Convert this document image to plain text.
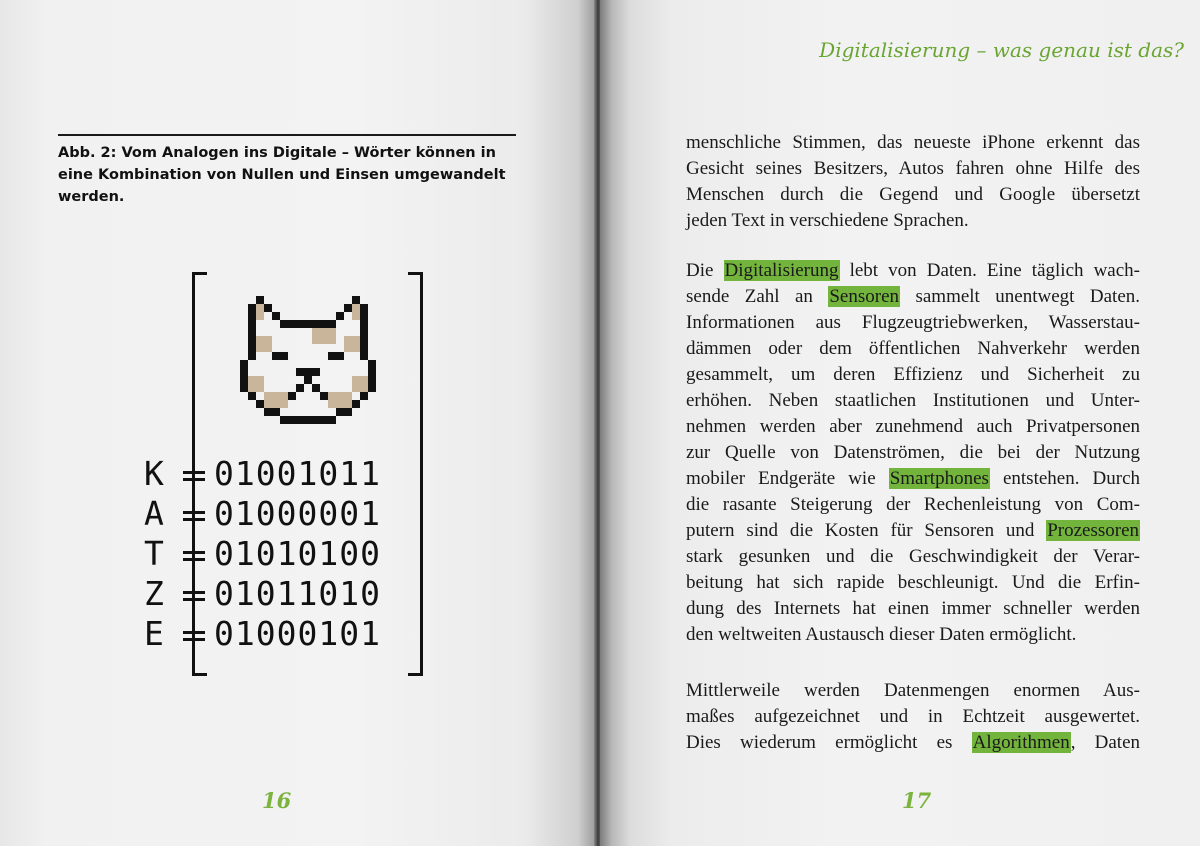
Abb. 2: Vom Analogen ins Digitale – Wörter können in eine Kombination von Nullen und Einsen umgewandelt werden.
K 01001011
A 01000001
T 01010100
Z 01011010
E 01000101
16
Digitalisierung – was genau ist das?
menschliche Stimmen, das neueste iPhone erkennt das
Gesicht seines Besitzers, Autos fahren ohne Hilfe des
Menschen durch die Gegend und Google übersetzt
jeden Text in verschiedene Sprachen.
Die Digitalisierung lebt von Daten. Eine täglich wach-
sende Zahl an Sensoren sammelt unentwegt Daten.
Informationen aus Flugzeugtriebwerken, Wasserstau-
dämmen oder dem öffentlichen Nahverkehr werden
gesammelt, um deren Effizienz und Sicherheit zu
erhöhen. Neben staatlichen Institutionen und Unter-
nehmen werden aber zunehmend auch Privatpersonen
zur Quelle von Datenströmen, die bei der Nutzung
mobiler Endgeräte wie Smartphones entstehen. Durch
die rasante Steigerung der Rechenleistung von Com-
putern sind die Kosten für Sensoren und Prozessoren
stark gesunken und die Geschwindigkeit der Verar-
beitung hat sich rapide beschleunigt. Und die Erfin-
dung des Internets hat einen immer schneller werden
den weltweiten Austausch dieser Daten ermöglicht.
Mittlerweile werden Datenmengen enormen Aus-
maßes aufgezeichnet und in Echtzeit ausgewertet.
Dies wiederum ermöglicht es Algorithmen, Daten
17
